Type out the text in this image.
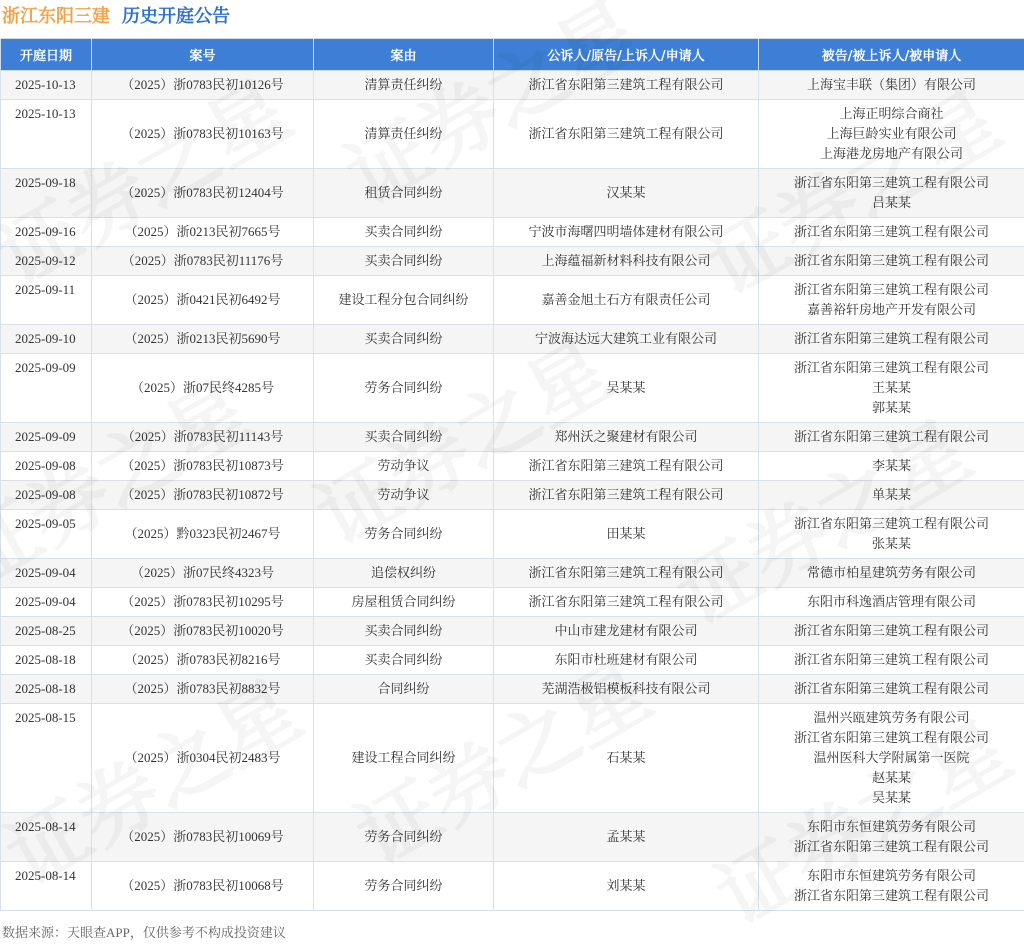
浙江东阳三建 历史开庭公告
开庭日期	案号	案由	公诉人/原告/上诉人/申请人	被告/被上诉人/被申请人
2025-10-13	（2025）浙0783民初10126号	清算责任纠纷	浙江省东阳第三建筑工程有限公司	上海宝丰联（集团）有限公司

2025-10-13	（2025）浙0783民初10163号	清算责任纠纷	浙江省东阳第三建筑工程有限公司	上海正明综合商社
上海巨龄实业有限公司
上海港龙房地产有限公司

2025-09-18	（2025）浙0783民初12404号	租赁合同纠纷	汉某某	浙江省东阳第三建筑工程有限公司
吕某某

2025-09-16	（2025）浙0213民初7665号	买卖合同纠纷	宁波市海曙四明墙体建材有限公司	浙江省东阳第三建筑工程有限公司

2025-09-12	（2025）浙0783民初11176号	买卖合同纠纷	上海蕴福新材料科技有限公司	浙江省东阳第三建筑工程有限公司

2025-09-11	（2025）浙0421民初6492号	建设工程分包合同纠纷	嘉善金旭土石方有限责任公司	浙江省东阳第三建筑工程有限公司
嘉善裕轩房地产开发有限公司

2025-09-10	（2025）浙0213民初5690号	买卖合同纠纷	宁波海达远大建筑工业有限公司	浙江省东阳第三建筑工程有限公司

2025-09-09	（2025）浙07民终4285号	劳务合同纠纷	吴某某	浙江省东阳第三建筑工程有限公司
王某某
郭某某

2025-09-09	（2025）浙0783民初11143号	买卖合同纠纷	郑州沃之聚建材有限公司	浙江省东阳第三建筑工程有限公司

2025-09-08	（2025）浙0783民初10873号	劳动争议	浙江省东阳第三建筑工程有限公司	李某某

2025-09-08	（2025）浙0783民初10872号	劳动争议	浙江省东阳第三建筑工程有限公司	单某某

2025-09-05	（2025）黔0323民初2467号	劳务合同纠纷	田某某	浙江省东阳第三建筑工程有限公司
张某某

2025-09-04	（2025）浙07民终4323号	追偿权纠纷	浙江省东阳第三建筑工程有限公司	常德市柏星建筑劳务有限公司

2025-09-04	（2025）浙0783民初10295号	房屋租赁合同纠纷	浙江省东阳第三建筑工程有限公司	东阳市科逸酒店管理有限公司

2025-08-25	（2025）浙0783民初10020号	买卖合同纠纷	中山市建龙建材有限公司	浙江省东阳第三建筑工程有限公司

2025-08-18	（2025）浙0783民初8216号	买卖合同纠纷	东阳市杜班建材有限公司	浙江省东阳第三建筑工程有限公司

2025-08-18	（2025）浙0783民初8832号	合同纠纷	芜湖浩极铝模板科技有限公司	浙江省东阳第三建筑工程有限公司

2025-08-15	（2025）浙0304民初2483号	建设工程合同纠纷	石某某	温州兴瓯建筑劳务有限公司
浙江省东阳第三建筑工程有限公司
温州医科大学附属第一医院
赵某某
吴某某

2025-08-14	（2025）浙0783民初10069号	劳务合同纠纷	孟某某	东阳市东恒建筑劳务有限公司
浙江省东阳第三建筑工程有限公司

2025-08-14	（2025）浙0783民初10068号	劳务合同纠纷	刘某某	东阳市东恒建筑劳务有限公司
浙江省东阳第三建筑工程有限公司
数据来源：天眼查APP，仅供参考不构成投资建议
